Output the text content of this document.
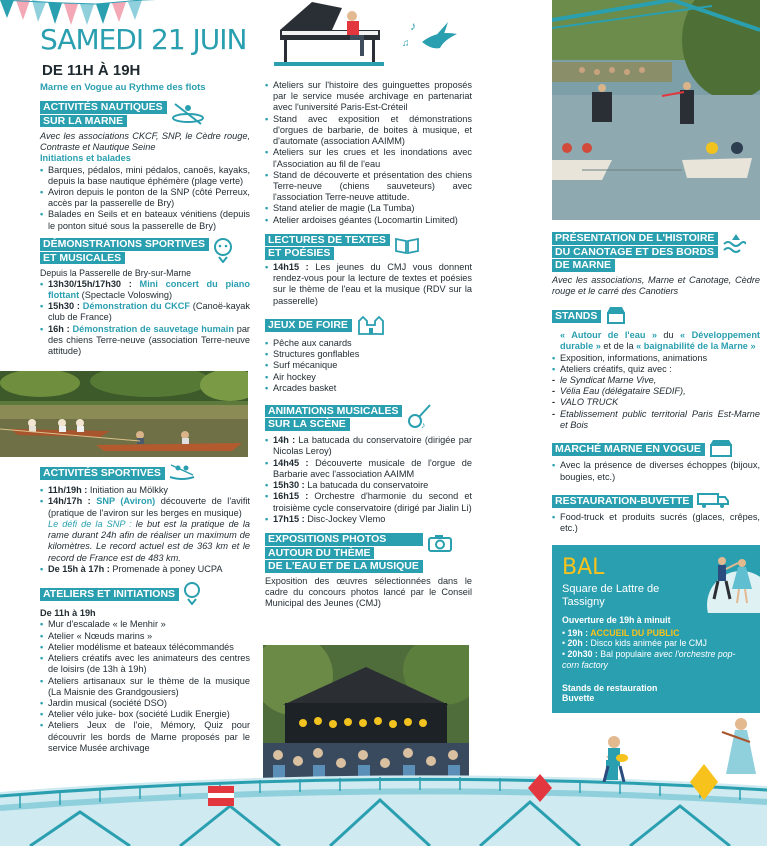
SAMEDI 21 JUIN
DE 11H À 19H
Marne en Vogue au Rythme des flots
ACTIVITÉS NAUTIQUES
SUR LA MARNE

Avec les associations CKCF, SNP, le Cèdre rouge, Contraste et Nautique Seine

Initiations et balades
• Barques, pédalos, mini pédalos, canoës, kayaks, depuis la base nautique éphémère (plage verte)
• Aviron depuis le ponton de la SNP (côté Perreux, accès par la passerelle de Bry)
• Balades en Seils et en bateaux vénitiens (depuis le ponton situé sous la passerelle de Bry)
DÉMONSTRATIONS SPORTIVES
ET MUSICALES
Depuis la Passerelle de Bry-sur-Marne
• 13h30/15h/17h30 : Mini concert du piano flottant (Spectacle Voloswing)
• 15h30 : Démonstration du CKCF (Canoë-kayak club de France)
• 16h : Démonstration de sauvetage humain par des chiens Terre-neuve (association Terre-neuve attitude)
ACTIVITÉS SPORTIVES
• 11h/19h : Initiation au Mölkky
• 14h/17h : SNP (Aviron) découverte de l'avifit (pratique de l'aviron sur les berges en musique)
Le défi de la SNP : le but est la pratique de la rame durant 24h afin de réaliser un maximum de kilomètres. Le record actuel est de 363 km et le record de France est de 483 km.
• De 15h à 17h : Promenade à poney UCPA
ATELIERS ET INITIATIONS
De 11h à 19h
• Mur d'escalade « le Menhir »
• Atelier « Nœuds marins »
• Atelier modélisme et bateaux télécommandés
• Ateliers créatifs avec les animateurs des centres de loisirs (de 13h à 19h)
• Ateliers artisanaux sur le thème de la musique (La Maisnie des Grandgousiers)
• Jardin musical (société DSO)
• Atelier vélo juke- box (société Ludik Energie)
• Ateliers Jeux de l'oie, Mémory, Quiz pour découvrir les bords de Marne proposés par le service Musée archivage
♪
♫
• Ateliers sur l'histoire des guinguettes proposés par le service musée archivage en partenariat avec l'université Paris-Est-Créteil
• Stand avec exposition et démonstrations d'orgues de barbarie, de boites à musique, et d'automate (association AAIMM)
• Ateliers sur les crues et les inondations avec l'Association au fil de l'eau
• Stand de découverte et présentation des chiens Terre-neuve (chiens sauveteurs) avec l'association Terre-neuve attitude.
• Stand atelier de magie (La Tumba)
• Atelier ardoises géantes (Locomartin Limited)
LECTURES DE TEXTES
ET POÉSIES
• 14h15 : Les jeunes du CMJ vous donnent rendez-vous pour la lecture de textes et poésies sur le thème de l'eau et la musique (RDV sur la passerelle)
JEUX DE FOIRE
• Pêche aux canards
• Structures gonflables
• Surf mécanique
• Air hockey
• Arcades basket
ANIMATIONS MUSICALES
SUR LA SCÈNE	♪
• 14h : La batucada du conservatoire (dirigée par Nicolas Leroy)
• 14h45 : Découverte musicale de l'orgue de Barbarie avec l'association AAIMM
• 15h30 : La batucada du conservatoire
• 16h15 : Orchestre d'harmonie du second et troisième cycle conservatoire (dirigé par Jialin Li)
• 17h15 : Disc-Jockey Vlemo
EXPOSITIONS PHOTOS
AUTOUR DU THÈME
DE L'EAU ET DE LA MUSIQUE

Exposition des œuvres sélectionnées dans le cadre du concours photos lancé par le Conseil Municipal des Jeunes (CMJ)

PRÉSENTATION DE L'HISTOIRE
DU CANOTAGE ET DES BORDS
DE MARNE

Avec les associations, Marne et Canotage, Cèdre rouge et le carré des Canotiers

STANDS

« Autour de l'eau » du « Développement durable » et de la « baignabilité de la Marne »

• Exposition, informations, animations
• Ateliers créatifs, quiz avec :
- le Syndicat Marne Vive,
- Vélia Eau (délégataire SEDIF),
- VALO TRUCK
- Etablissement public territorial Paris Est-Marne et Bois
MARCHÉ MARNE EN VOGUE
• Avec la présence de diverses échoppes (bijoux, bougies, etc.)
RESTAURATION-BUVETTE
• Food-truck et produits sucrés (glaces, crêpes, etc.)
BAL
Square de Lattre de Tassigny
Ouverture de 19h à minuit
• 19h : ACCUEIL DU PUBLIC
• 20h : Disco kids animée par le CMJ
• 20h30 : Bal populaire avec l'orchestre pop- corn factory
Stands de restauration
Buvette
